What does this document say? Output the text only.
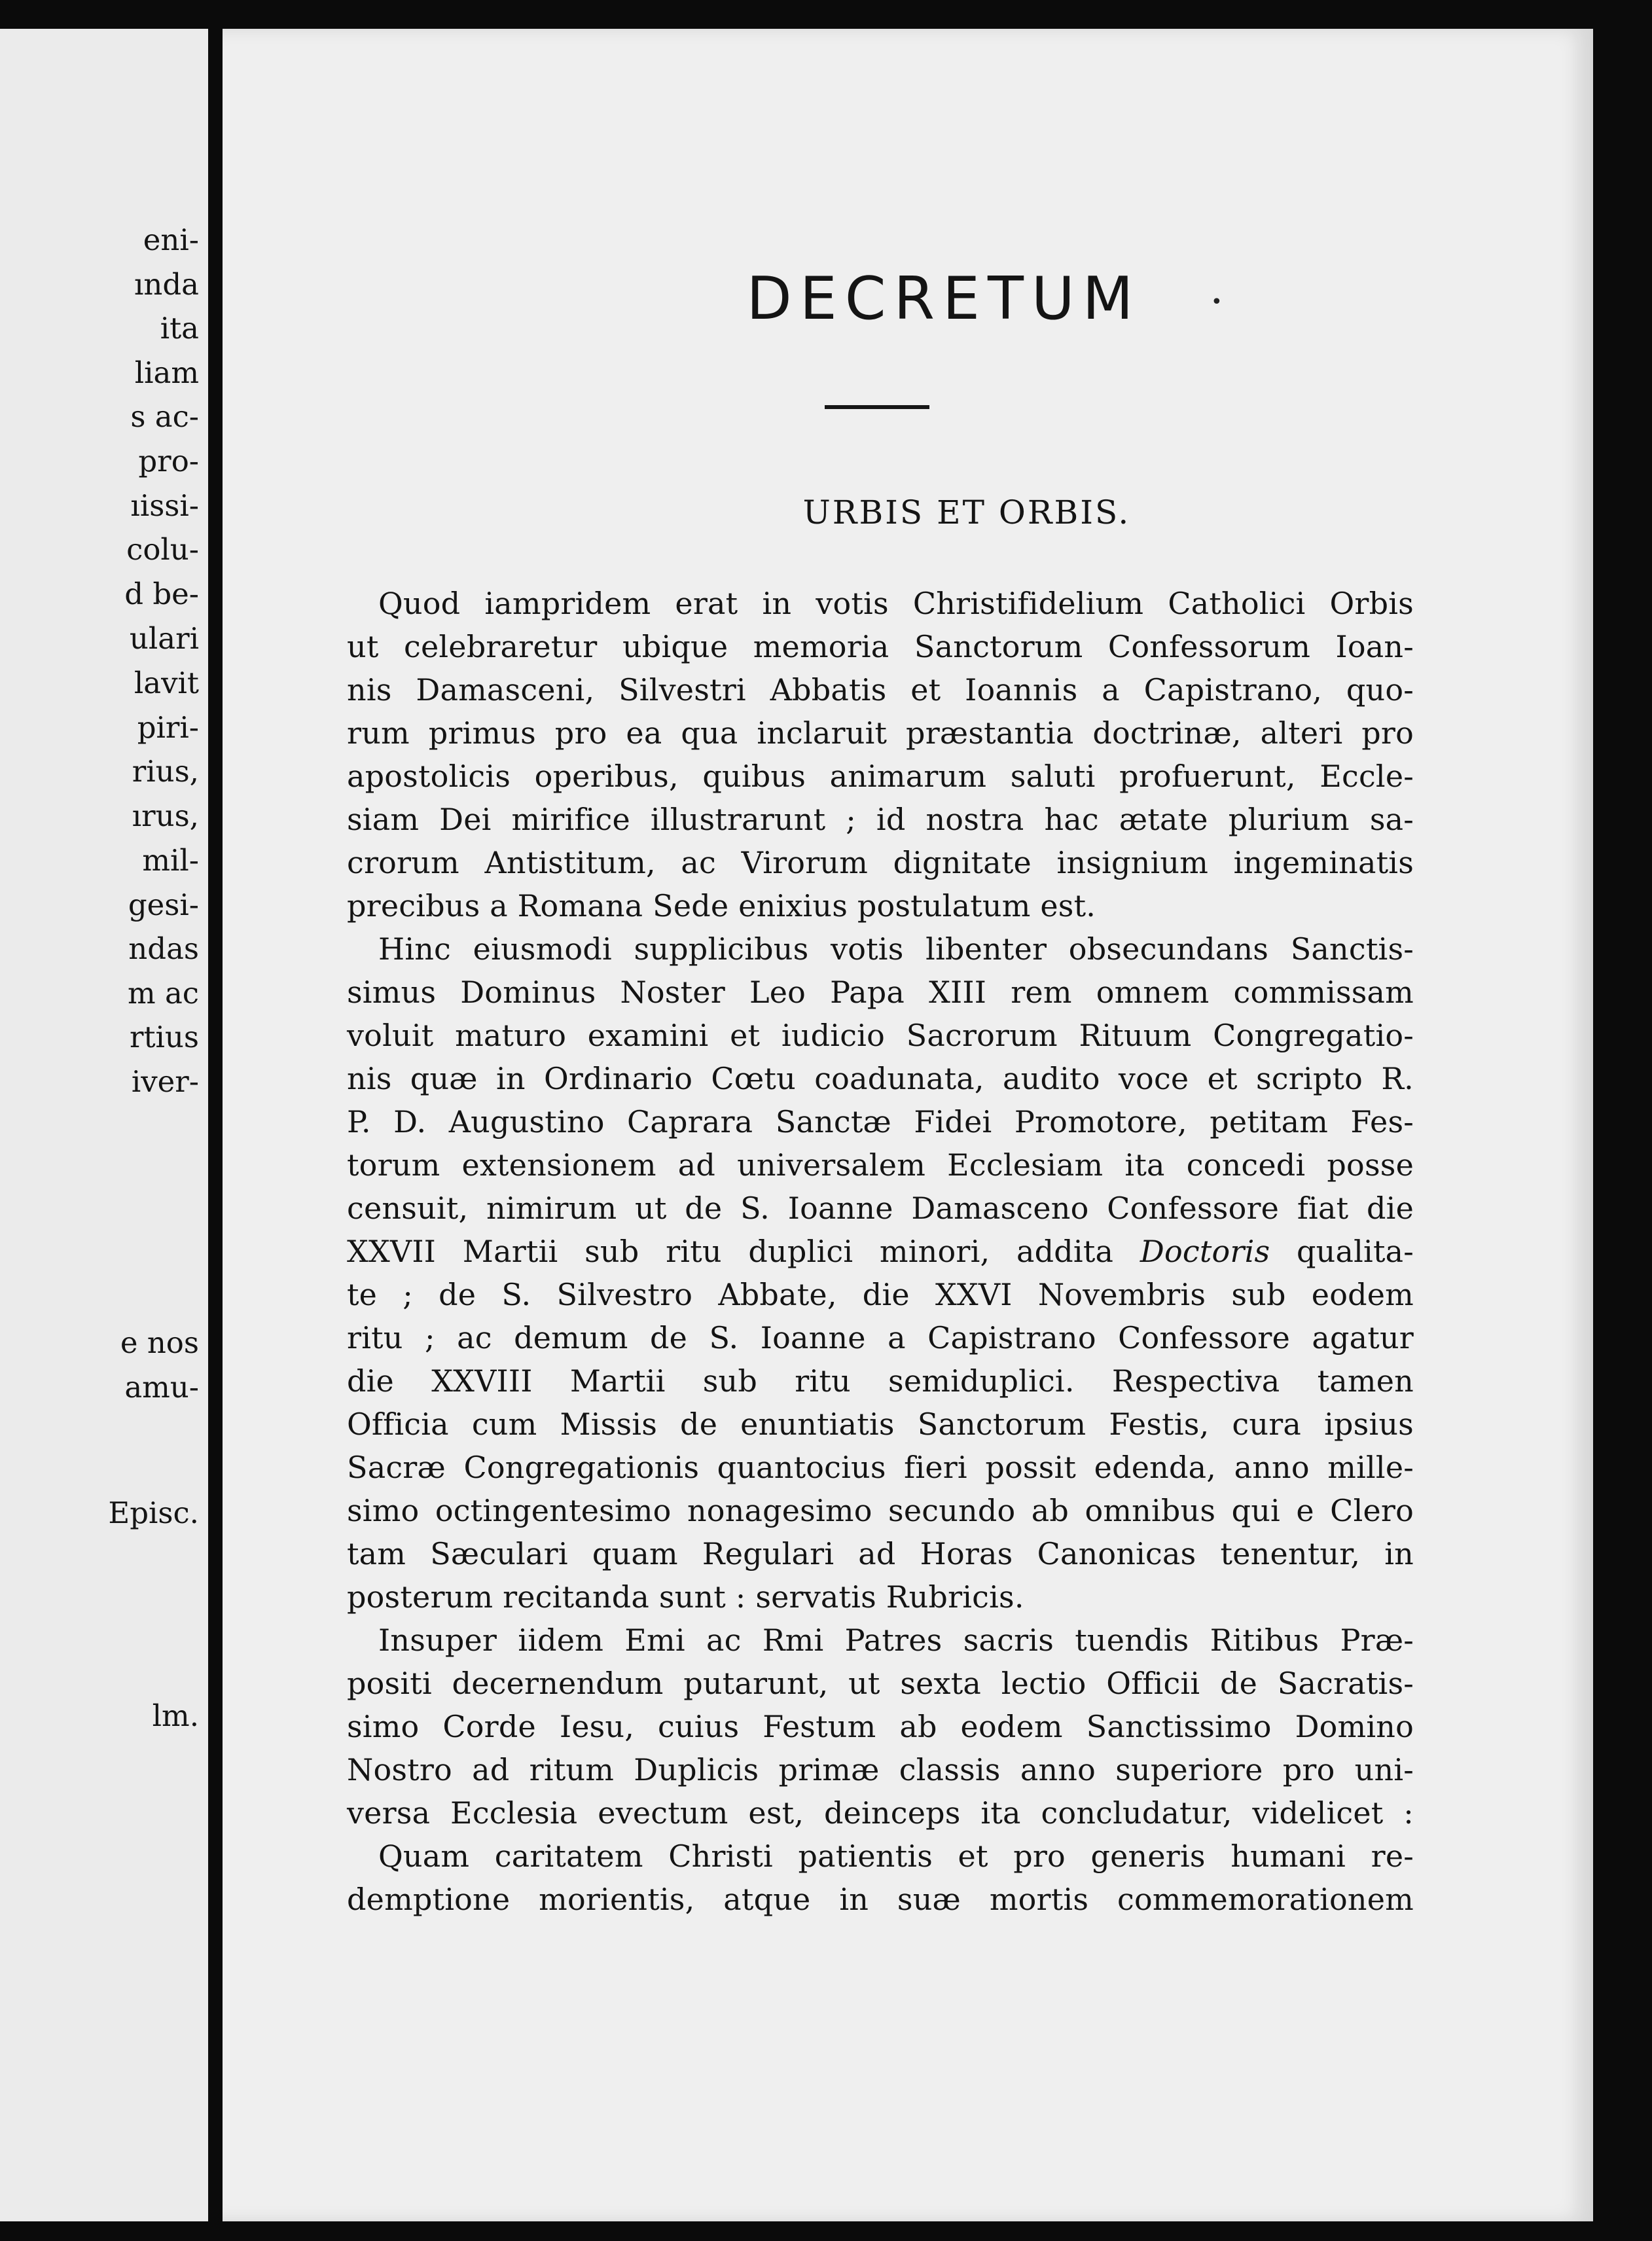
eni-
ında
ita
liam
s ac-
pro-
ıissi-
colu-
d be-
ulari
lavit
piri-
rius,
ırus,
mil-
gesi-
ndas
m ac
rtius
iver-
e nos
amu-
Episc.
lm.
DECRETUM
URBIS ET ORBIS.
Quod iampridem erat in votis Christifidelium Catholici Orbis
ut celebraretur ubique memoria Sanctorum Confessorum Ioan-
nis Damasceni, Silvestri Abbatis et Ioannis a Capistrano, quo-
rum primus pro ea qua inclaruit præstantia doctrinæ, alteri pro
apostolicis operibus, quibus animarum saluti profuerunt, Eccle-
siam Dei mirifice illustrarunt ; id nostra hac ætate plurium sa-
crorum Antistitum, ac Virorum dignitate insignium ingeminatis
precibus a Romana Sede enixius postulatum est.
Hinc eiusmodi supplicibus votis libenter obsecundans Sanctis-
simus Dominus Noster Leo Papa XIII rem omnem commissam
voluit maturo examini et iudicio Sacrorum Rituum Congregatio-
nis quæ in Ordinario Cœtu coadunata, audito voce et scripto R.
P. D. Augustino Caprara Sanctæ Fidei Promotore, petitam Fes-
torum extensionem ad universalem Ecclesiam ita concedi posse
censuit, nimirum ut de S. Ioanne Damasceno Confessore fiat die
XXVII Martii sub ritu duplici minori, addita Doctoris qualita-
te ; de S. Silvestro Abbate, die XXVI Novembris sub eodem
ritu ; ac demum de S. Ioanne a Capistrano Confessore agatur
die XXVIII Martii sub ritu semiduplici. Respectiva tamen
Officia cum Missis de enuntiatis Sanctorum Festis, cura ipsius
Sacræ Congregationis quantocius fieri possit edenda, anno mille-
simo octingentesimo nonagesimo secundo ab omnibus qui e Clero
tam Sæculari quam Regulari ad Horas Canonicas tenentur, in
posterum recitanda sunt : servatis Rubricis.
Insuper iidem Emi ac Rmi Patres sacris tuendis Ritibus Præ-
positi decernendum putarunt, ut sexta lectio Officii de Sacratis-
simo Corde Iesu, cuius Festum ab eodem Sanctissimo Domino
Nostro ad ritum Duplicis primæ classis anno superiore pro uni-
versa Ecclesia evectum est, deinceps ita concludatur, videlicet :
Quam caritatem Christi patientis et pro generis humani re-
demptione morientis, atque in suæ mortis commemorationem
•
